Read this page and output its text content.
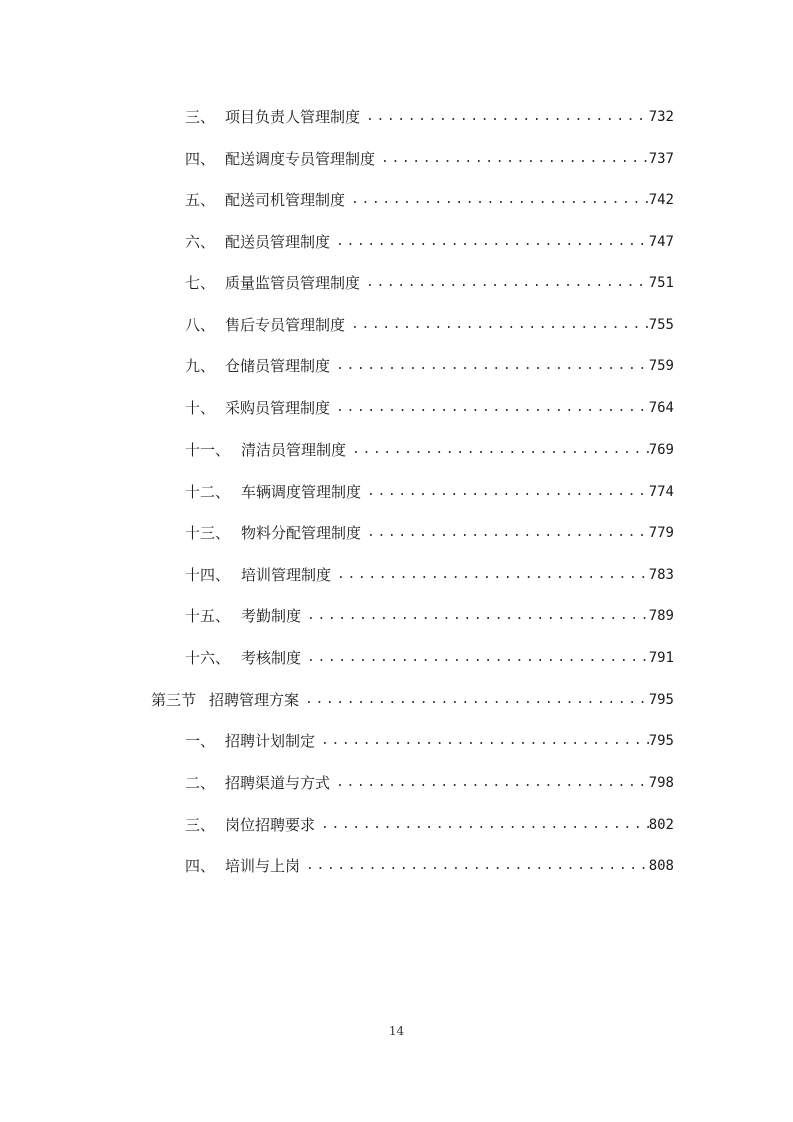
三、 项目负责人管理制度 .....	732
四、 配送调度专员管理制度 .....	737
五、 配送司机管理制度 .....	742
六、 配送员管理制度 .....	747
七、 质量监管员管理制度 .....	751
八、 售后专员管理制度 .....	755
九、 仓储员管理制度 .....	759
十、 采购员管理制度 .....	764
十一、 清洁员管理制度 .....	769
十二、 车辆调度管理制度 .....	774
十三、 物料分配管理制度 .....	779
十四、 培训管理制度 .....	783
十五、 考勤制度 .....	789
十六、 考核制度 .....	791
第三节 招聘管理方案 .....	795
一、 招聘计划制定 .....	795
二、 招聘渠道与方式 .....	798
三、 岗位招聘要求 .....	802
四、 培训与上岗 .....	808
14
